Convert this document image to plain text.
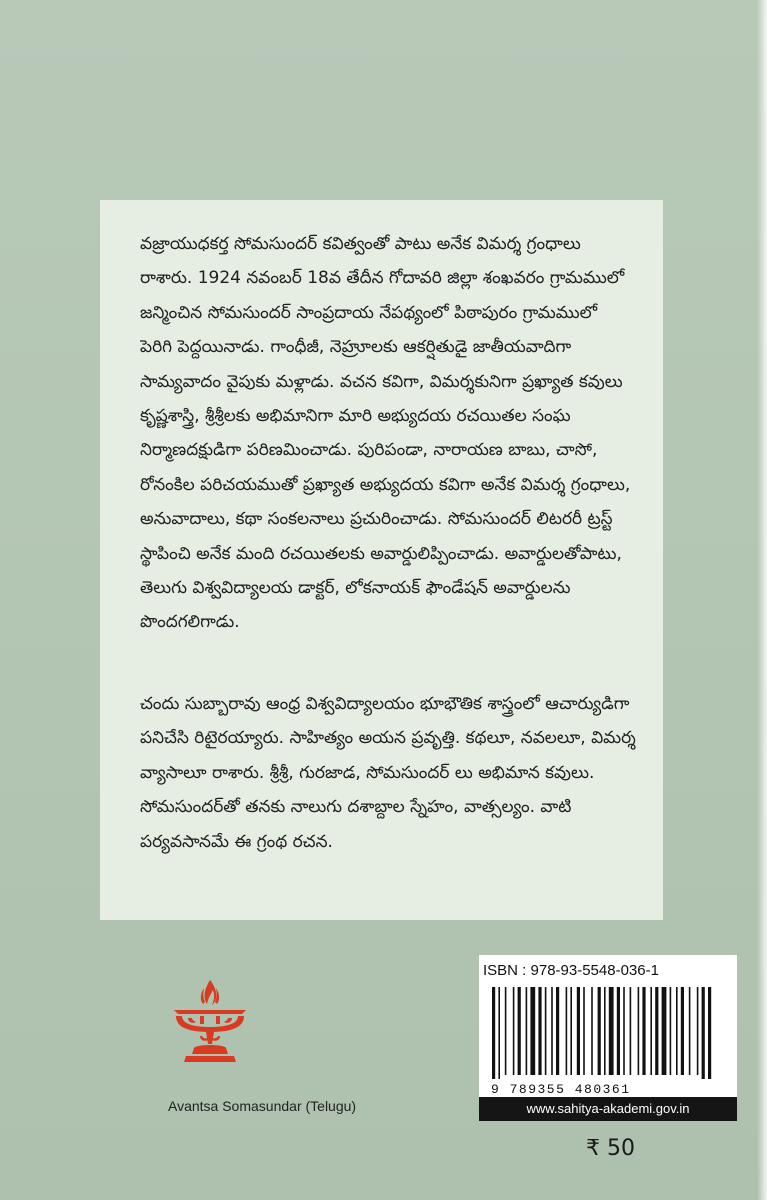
వజ్రాయుధకర్త సోమసుందర్ కవిత్వంతో పాటు అనేక విమర్శ గ్రంధాలు
రాశారు. 1924 నవంబర్ 18వ తేదీన గోదావరి జిల్లా శంఖవరం గ్రామములో
జన్మించిన సోమసుందర్ సాంప్రదాయ నేపథ్యంలో పిఠాపురం గ్రామములో
పెరిగి పెద్దయినాడు. గాంధీజీ, నెహ్రూలకు ఆకర్షితుడై జాతీయవాదిగా
సామ్యవాదం వైపుకు మళ్లాడు. వచన కవిగా, విమర్శకునిగా ప్రఖ్యాత కవులు
కృష్ణశాస్త్రి, శ్రీశ్రీలకు అభిమానిగా మారి అభ్యుదయ రచయితల సంఘ
నిర్మాణదక్షుడిగా పరిణమించాడు. పురిపండా, నారాయణ బాబు, చాసో,
రోనంకిల పరిచయముతో ప్రఖ్యాత అభ్యుదయ కవిగా అనేక విమర్శ గ్రంధాలు,
అనువాదాలు, కథా సంకలనాలు ప్రచురించాడు. సోమసుందర్ లిటరరీ ట్రస్ట్
స్థాపించి అనేక మంది రచయితలకు అవార్డులిప్పించాడు. అవార్డులతోపాటు,
తెలుగు విశ్వవిద్యాలయ డాక్టర్, లోకనాయక్ ఫౌండేషన్ అవార్డులను
పొందగలిగాడు.
చందు సుబ్బారావు ఆంధ్ర విశ్వవిద్యాలయం భూభౌతిక శాస్త్రంలో ఆచార్యుడిగా
పనిచేసి రిటైరయ్యారు. సాహిత్యం అయన ప్రవృత్తి. కథలూ, నవలలూ, విమర్శ
వ్యాసాలూ రాశారు. శ్రీశ్రీ, గురజాడ, సోమసుందర్ లు అభిమాన కవులు.
సోమసుందర్‌తో తనకు నాలుగు దశాబ్దాల స్నేహం, వాత్సల్యం. వాటి
పర్యవసానమే ఈ గ్రంథ రచన.

Avantsa Somasundar (Telugu)

ISBN : 978-93-5548-036-1

9 789355 480361

www.sahitya-akademi.gov.in

₹ 50
